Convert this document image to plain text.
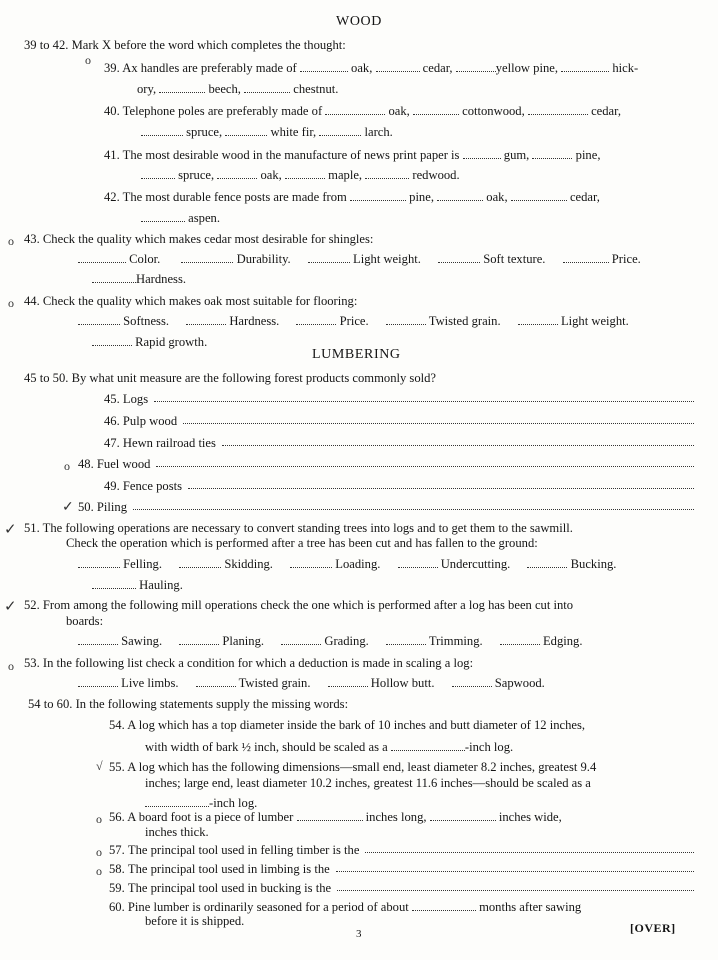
WOOD
39 to 42. Mark X before the word which completes the thought:
o
39. Ax handles are preferably made of	oak,	cedar,	yellow pine,	hick-
ory,	beech,	chestnut.
40. Telephone poles are preferably made of	oak,	cottonwood,	cedar,
spruce,	white fir,	larch.
41. The most desirable wood in the manufacture of news print paper is	gum,	pine,
spruce,	oak,	maple,	redwood.
42. The most durable fence posts are made from	pine,	oak,	cedar,
aspen.
o 43. Check the quality which makes cedar most desirable for shingles:
Color.	Durability.	Light weight.	Soft texture.	Price.
Hardness.
o 44. Check the quality which makes oak most suitable for flooring:
Softness.	Hardness.	Price.	Twisted grain.	Light weight.
Rapid growth.
LUMBERING
45 to 50. By what unit measure are the following forest products commonly sold?
45.
Logs
46.
Pulp wood
47.
Hewn railroad ties
o 48.
Fuel wood
49.
Fence posts
✓ 50.
Piling
✓ 51. The following operations are necessary to convert standing trees into logs and to get them to the sawmill.
Check the operation which is performed after a tree has been cut and has fallen to the ground:
Felling.	Skidding.	Loading.	Undercutting.	Bucking.
Hauling.
✓ 52. From among the following mill operations check the one which is performed after a log has been cut into
boards:
Sawing.	Planing.	Grading.	Trimming.	Edging.
o 53. In the following list check a condition for which a deduction is made in scaling a log:
Live limbs.	Twisted grain.	Hollow butt.	Sapwood.
54 to 60. In the following statements supply the missing words:
54. A log which has a top diameter inside the bark of 10 inches and butt diameter of 12 inches,
with width of bark ½ inch, should be scaled as a	-inch log.
√ 55. A log which has the following dimensions—small end, least diameter 8.2 inches, greatest 9.4
inches; large end, least diameter 10.2 inches, greatest 11.6 inches—should be scaled as a
-inch log.
o 56. A board foot is a piece of lumber	inches long,	inches wide,
inches thick.
o 57.
The principal tool used in felling timber is the
o 58.
The principal tool used in limbing is the
59.
The principal tool used in bucking is the
60. Pine lumber is ordinarily seasoned for a period of about	months after sawing
before it is shipped.
3	[OVER]
